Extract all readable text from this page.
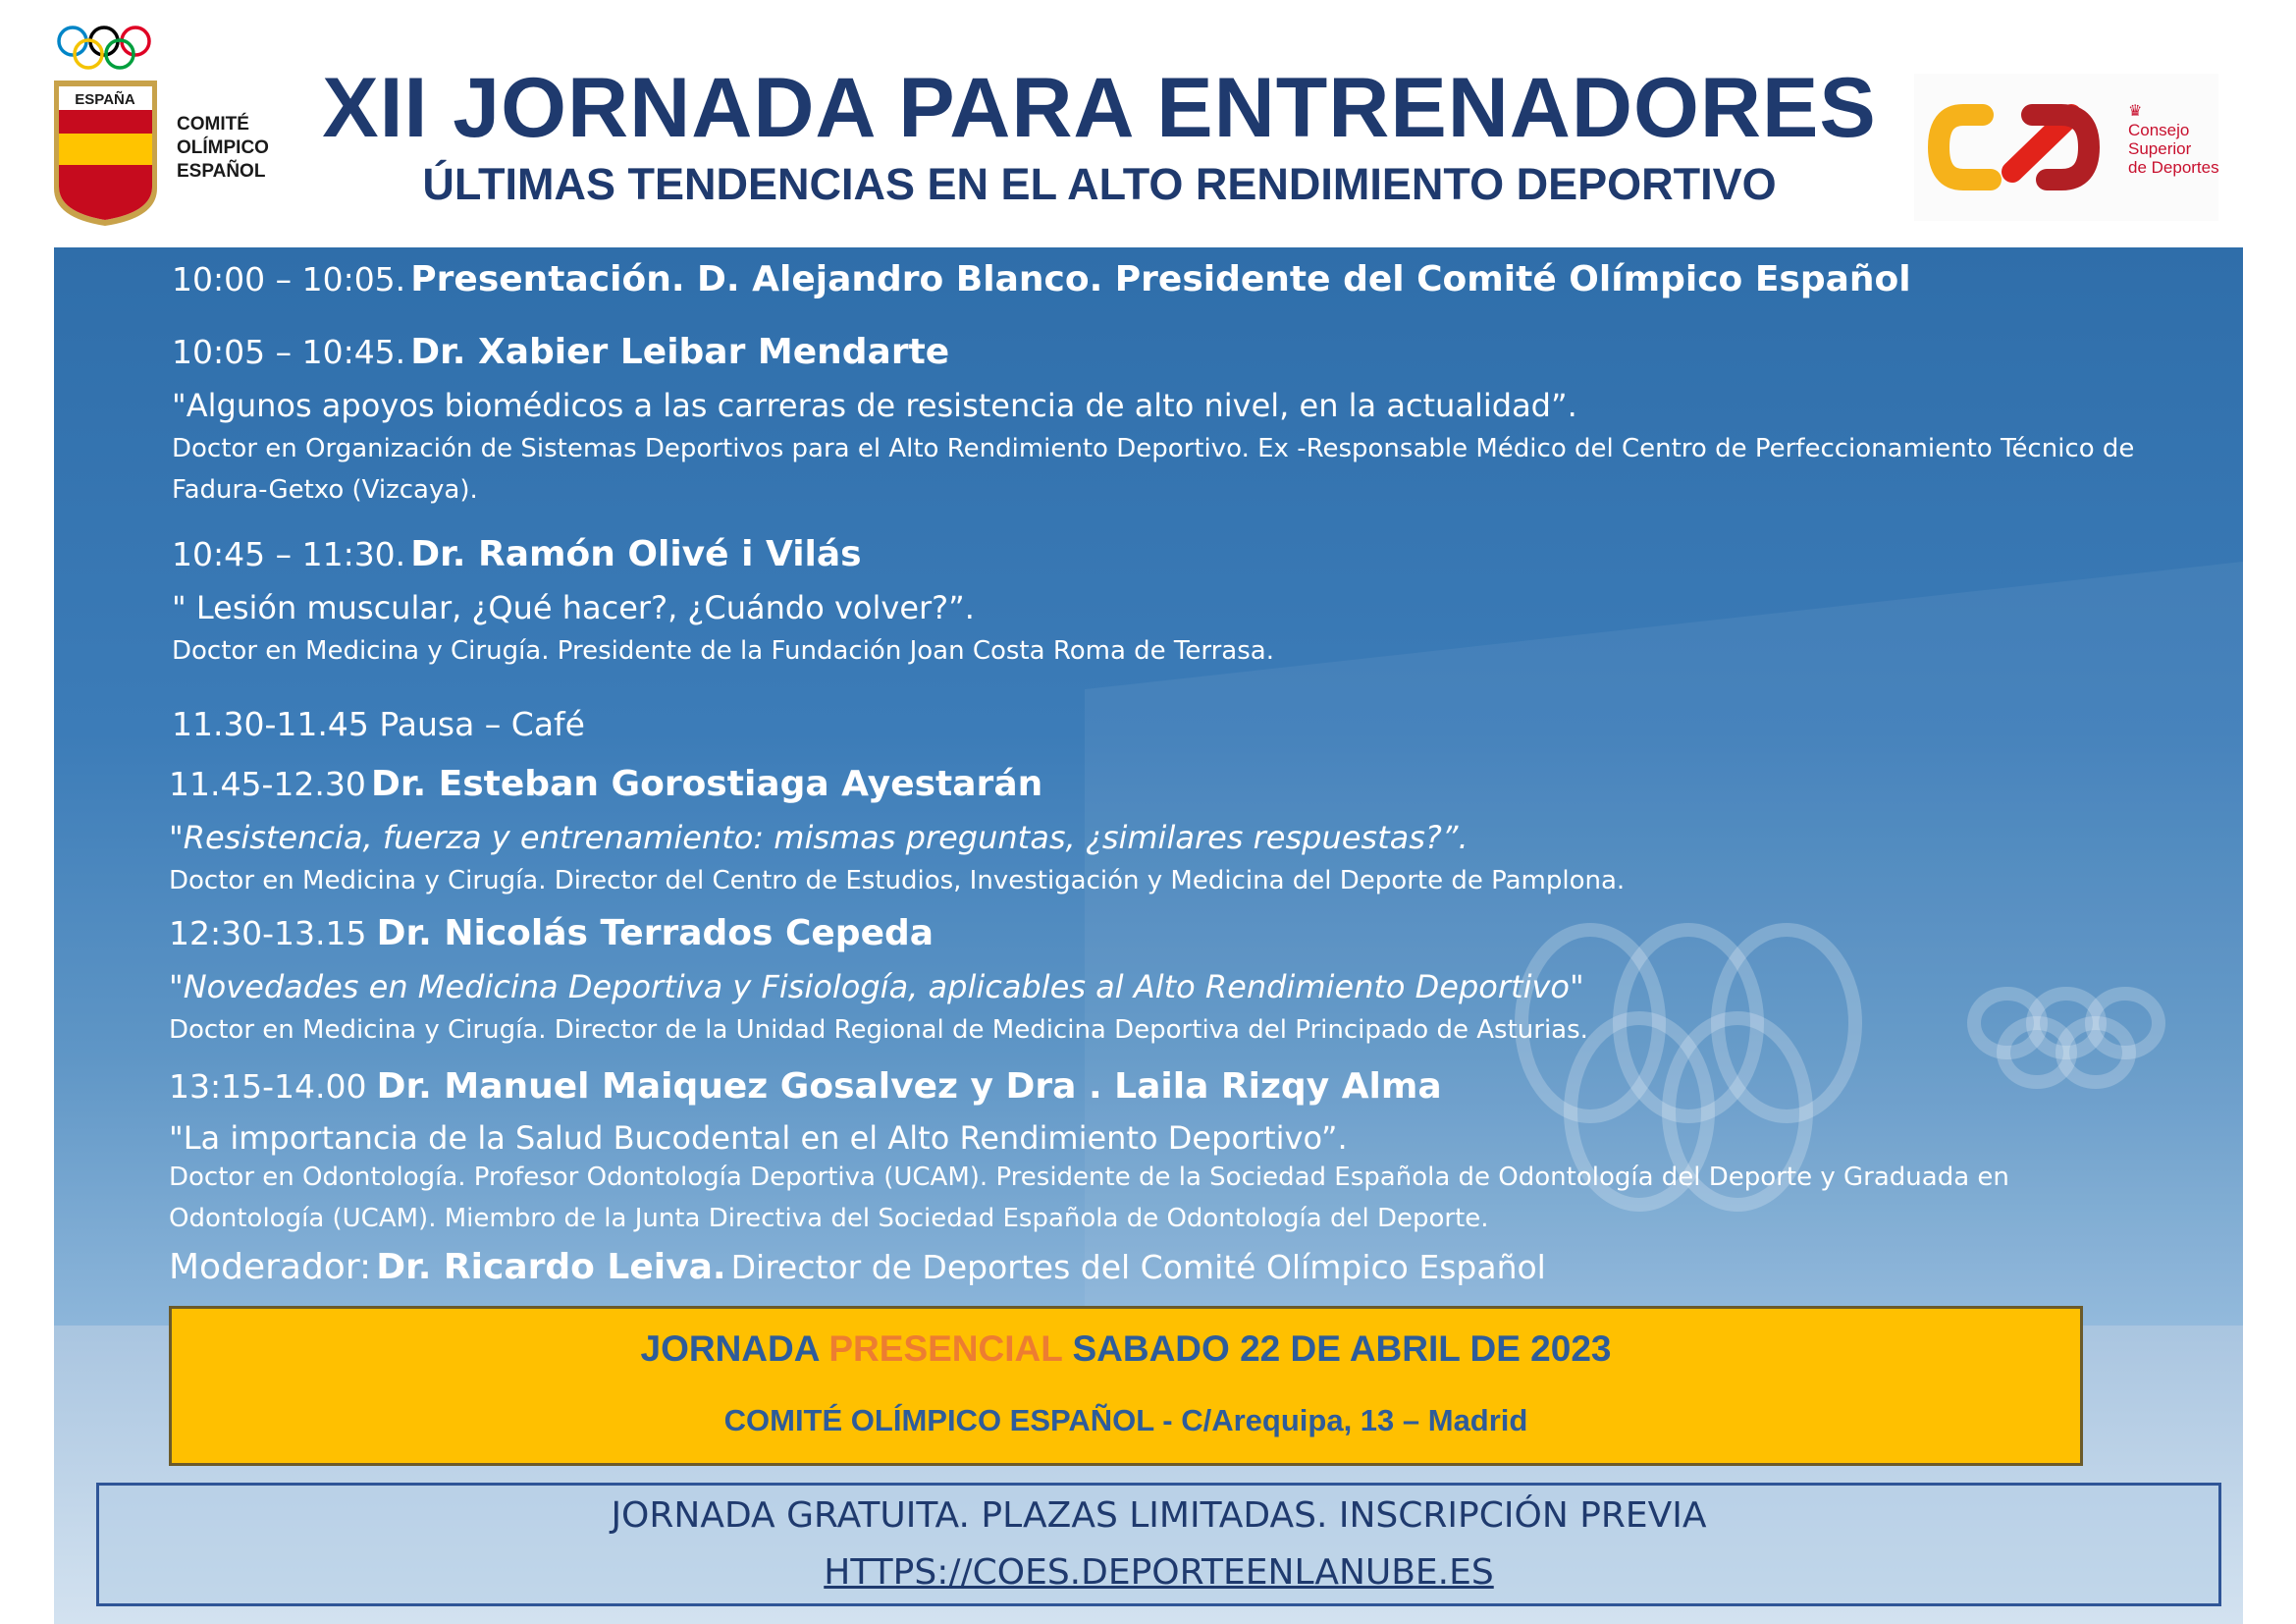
ESPAÑA
COMITÉ
OLÍMPICO
ESPAÑOL
XII JORNADA PARA ENTRENADORES
ÚLTIMAS TENDENCIAS EN EL ALTO RENDIMIENTO DEPORTIVO
♛
Consejo
Superior
de Deportes
10:00 – 10:05. Presentación. D. Alejandro Blanco. Presidente del Comité Olímpico Español
10:05 – 10:45. Dr. Xabier Leibar Mendarte
"Algunos apoyos biomédicos a las carreras de resistencia de alto nivel, en la actualidad”.
Doctor en Organización de Sistemas Deportivos para el Alto Rendimiento Deportivo. Ex -Responsable Médico del Centro de Perfeccionamiento Técnico de Fadura-Getxo (Vizcaya).
10:45 – 11:30. Dr. Ramón Olivé i Vilás
" Lesión muscular, ¿Qué hacer?, ¿Cuándo volver?”.
Doctor en Medicina y Cirugía. Presidente de la Fundación Joan Costa Roma de Terrasa.
11.30-11.45 Pausa – Café
11.45-12.30 Dr. Esteban Gorostiaga Ayestarán
"Resistencia, fuerza y entrenamiento: mismas preguntas, ¿similares respuestas?”.
Doctor en Medicina y Cirugía. Director del Centro de Estudios, Investigación y Medicina del Deporte de Pamplona.
12:30-13.15 Dr. Nicolás Terrados Cepeda
"Novedades en Medicina Deportiva y Fisiología, aplicables al Alto Rendimiento Deportivo"
Doctor en Medicina y Cirugía. Director de la Unidad Regional de Medicina Deportiva del Principado de Asturias.
13:15-14.00 Dr. Manuel Maiquez Gosalvez y Dra . Laila Rizqy Alma
"La importancia de la Salud Bucodental en el Alto Rendimiento Deportivo”.
Doctor en Odontología. Profesor Odontología Deportiva (UCAM). Presidente de la Sociedad Española de Odontología del Deporte y Graduada en Odontología (UCAM). Miembro de la Junta Directiva del Sociedad Española de Odontología del Deporte.
Moderador: Dr. Ricardo Leiva. Director de Deportes del Comité Olímpico Español
JORNADA PRESENCIAL SABADO 22 DE ABRIL DE 2023
COMITÉ OLÍMPICO ESPAÑOL - C/Arequipa, 13 – Madrid
JORNADA GRATUITA. PLAZAS LIMITADAS. INSCRIPCIÓN PREVIA
HTTPS://COES.DEPORTEENLANUBE.ES
